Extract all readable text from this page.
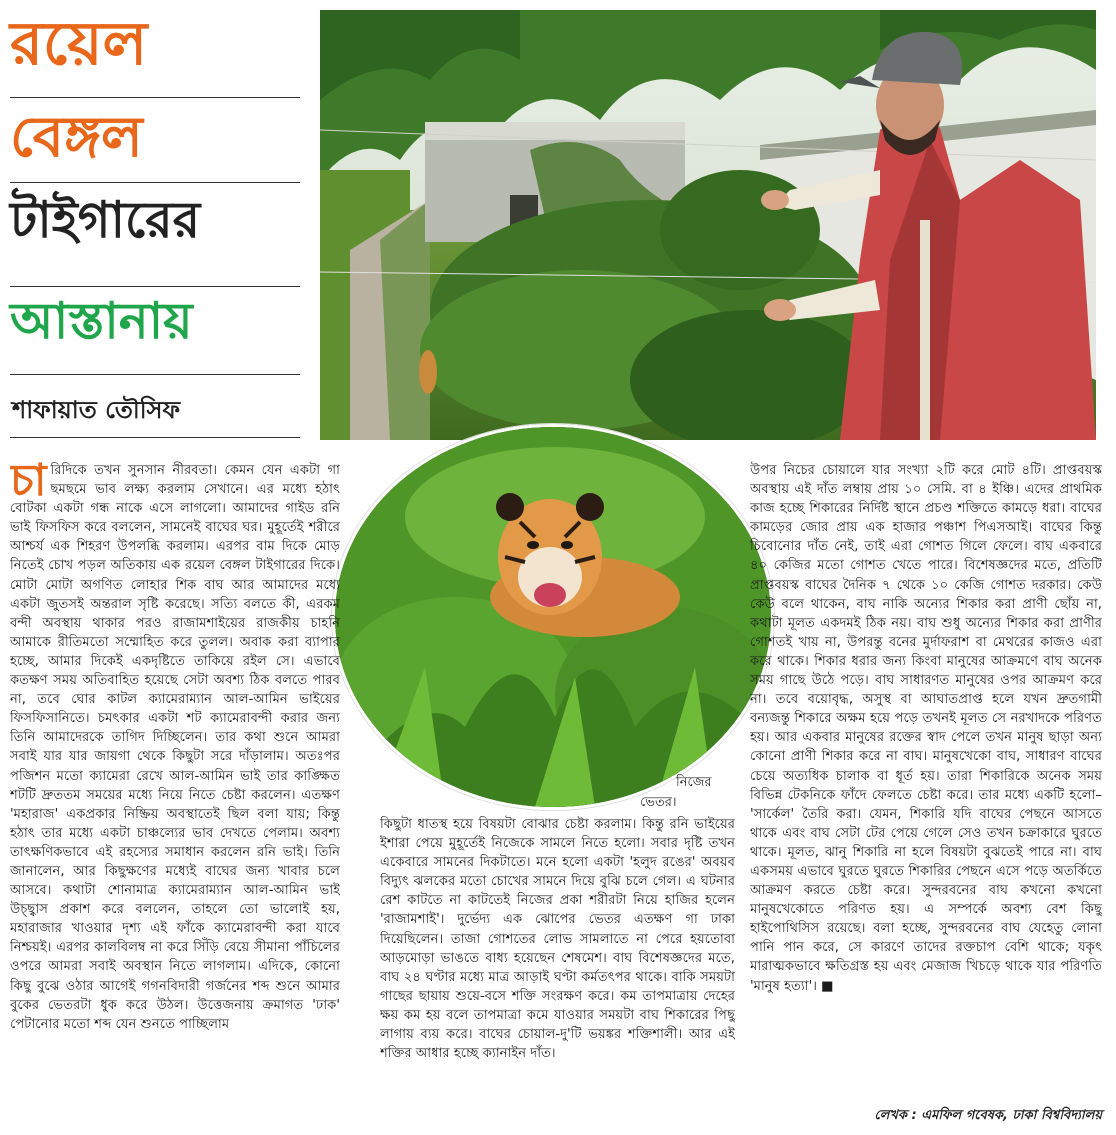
রয়েল
বেঙ্গল
টাইগারের
আস্তানায়
শাফায়াত তৌসিফ
নিজের
ভেতর।

চারিদিকে তখন সুনসান নীরবতা। কেমন যেন একটা গা ছমছমে ভাব লক্ষ্য করলাম সেখানে। এর মধ্যে হঠাৎ বোটকা একটা গন্ধ নাকে এসে লাগলো। আমাদের গাইড রনি ভাই ফিসফিস করে বললেন, সামনেই বাঘের ঘর। মুহূর্তেই শরীরে আশ্চর্য এক শিহরণ উপলব্ধি করলাম। এরপর বাম দিকে মোড় নিতেই চোখ পড়ল অতিকায় এক রয়েল বেঙ্গল টাইগারের দিকে। মোটা মোটা অগণিত লোহার শিক বাঘ আর আমাদের মধ্যে একটা জুতসই অন্তরাল সৃষ্টি করেছে। সত্যি বলতে কী, এরকম বন্দী অবস্থায় থাকার পরও রাজামশাইয়ের রাজকীয় চাহনি আমাকে রীতিমতো সম্মোহিত করে তুলল। অবাক করা ব্যাপার হচ্ছে, আমার দিকেই একদৃষ্টিতে তাকিয়ে রইল সে। এভাবে কতক্ষণ সময় অতিবাহিত হয়েছে সেটা অবশ্য ঠিক বলতে পারব না, তবে ঘোর কাটল ক্যামেরাম্যান আল-আমিন ভাইয়ের ফিসফিসানিতে। চমৎকার একটা শট ক্যামেরাবন্দী করার জন্য তিনি আমাদেরকে তাগিদ দিচ্ছিলেন। তার কথা শুনে আমরা সবাই যার যার জায়গা থেকে কিছুটা সরে দাঁড়ালাম। অতঃপর পজিশন মতো ক্যামেরা রেখে আল-আমিন ভাই তার কাঙ্ক্ষিত শটটি দ্রুততম সময়ের মধ্যে নিয়ে নিতে চেষ্টা করলেন। এতক্ষণ 'মহারাজ' একপ্রকার নিষ্ক্রিয় অবস্থাতেই ছিল বলা যায়; কিন্তু হঠাৎ তার মধ্যে একটা চাঞ্চল্যের ভাব দেখতে পেলাম। অবশ্য তাৎক্ষণিকভাবে এই রহস্যের সমাধান করলেন রনি ভাই। তিনি জানালেন, আর কিছুক্ষণের মধ্যেই বাঘের জন্য খাবার চলে আসবে। কথাটা শোনামাত্র ক্যামেরাম্যান আল-আমিন ভাই উচ্ছ্বাস প্রকাশ করে বললেন, তাহলে তো ভালোই হয়, মহারাজার খাওয়ার দৃশ্য এই ফাঁকে ক্যামেরাবন্দী করা যাবে নিশ্চয়ই। এরপর কালবিলম্ব না করে সিঁড়ি বেয়ে সীমানা পাঁচিলের ওপরে আমরা সবাই অবস্থান নিতে লাগলাম। এদিকে, কোনো কিছু বুঝে ওঠার আগেই গগনবিদারী গর্জনের শব্দ শুনে আমার বুকের ভেতরটা ধুক করে উঠল। উত্তেজনায় ক্রমাগত 'ঢাক' পেটানোর মতো শব্দ যেন শুনতে পাচ্ছিলাম

কিছুটা ধাতস্থ হয়ে বিষয়টা বোঝার চেষ্টা করলাম। কিন্তু রনি ভাইয়ের ইশারা পেয়ে মুহূর্তেই নিজেকে সামলে নিতে হলো। সবার দৃষ্টি তখন একেবারে সামনের দিকটাতে। মনে হলো একটা 'হলুদ রঙের' অবয়ব বিদ্যুৎ ঝলকের মতো চোখের সামনে দিয়ে বুঝি চলে গেল। এ ঘটনার রেশ কাটতে না কাটতেই নিজের প্রকা শরীরটা নিয়ে হাজির হলেন 'রাজামশাই'। দুর্ভেদ্য এক ঝোপের ভেতর এতক্ষণ গা ঢাকা দিয়েছিলেন। তাজা গোশতের লোভ সামলাতে না পেরে হয়তোবা আড়মোড়া ভাঙতে বাধ্য হয়েছেন শেষমেশ। বাঘ বিশেষজ্ঞদের মতে, বাঘ ২৪ ঘণ্টার মধ্যে মাত্র আড়াই ঘণ্টা কর্মতৎপর থাকে। বাকি সময়টা গাছের ছায়ায় শুয়ে-বসে শক্তি সংরক্ষণ করে। কম তাপমাত্রায় দেহের ক্ষয় কম হয় বলে তাপমাত্রা কমে যাওয়ার সময়টা বাঘ শিকারের পিছু লাগায় ব্যয় করে। বাঘের চোয়াল-দু'টি ভয়ঙ্কর শক্তিশালী। আর এই শক্তির আধার হচ্ছে ক্যানাইন দাঁত।

উপর নিচের চোয়ালে যার সংখ্যা ২টি করে মোট ৪টি। প্রাপ্তবয়স্ক অবস্থায় এই দাঁত লম্বায় প্রায় ১০ সেমি. বা ৪ ইঞ্চি। এদের প্রাথমিক কাজ হচ্ছে শিকারের নির্দিষ্ট স্থানে প্রচণ্ড শক্তিতে কামড়ে ধরা। বাঘের কামড়ের জোর প্রায় এক হাজার পঞ্চাশ পিএসআই। বাঘের কিন্তু চিবোনোর দাঁত নেই, তাই এরা গোশত গিলে ফেলে। বাঘ একবারে ৪০ কেজির মতো গোশত খেতে পারে। বিশেষজ্ঞদের মতে, প্রতিটি প্রাপ্তবয়স্ক বাঘের দৈনিক ৭ থেকে ১০ কেজি গোশত দরকার। কেউ কেউ বলে থাকেন, বাঘ নাকি অন্যের শিকার করা প্রাণী ছোঁয় না, কথাটা মূলত একদমই ঠিক নয়। বাঘ শুধু অন্যের শিকার করা প্রাণীর গোশতই খায় না, উপরন্তু বনের মুর্দাফরাশ বা মেথরের কাজও এরা করে থাকে। শিকার ধরার জন্য কিংবা মানুষের আক্রমণে বাঘ অনেক সময় গাছে উঠে পড়ে। বাঘ সাধারণত মানুষের ওপর আক্রমণ করে না। তবে বয়োবৃদ্ধ, অসুস্থ বা আঘাতপ্রাপ্ত হলে যখন দ্রুতগামী বন্যজন্তু শিকারে অক্ষম হয়ে পড়ে তখনই মূলত সে নরখাদকে পরিণত হয়। আর একবার মানুষের রক্তের স্বাদ পেলে তখন মানুষ ছাড়া অন্য কোনো প্রাণী শিকার করে না বাঘ। মানুষখেকো বাঘ, সাধারণ বাঘের চেয়ে অত্যধিক চালাক বা ধূর্ত হয়। তারা শিকারিকে অনেক সময় বিভিন্ন টেকনিকে ফাঁদে ফেলতে চেষ্টা করে। তার মধ্যে একটি হলো– 'সার্কেল' তৈরি করা। যেমন, শিকারি যদি বাঘের পেছনে আসতে থাকে এবং বাঘ সেটা টের পেয়ে গেলে সেও তখন চক্রাকারে ঘুরতে থাকে। মূলত, ঝানু শিকারি না হলে বিষয়টা বুঝতেই পারে না। বাঘ একসময় এভাবে ঘুরতে ঘুরতে শিকারির পেছনে এসে পড়ে অতর্কিতে আক্রমণ করতে চেষ্টা করে। সুন্দরবনের বাঘ কখনো কখনো মানুষখেকোতে পরিণত হয়। এ সম্পর্কে অবশ্য বেশ কিছু হাইপোথিসিস রয়েছে। বলা হচ্ছে, সুন্দরবনের বাঘ যেহেতু লোনা পানি পান করে, সে কারণে তাদের রক্তচাপ বেশি থাকে; যকৃৎ মারাত্মকভাবে ক্ষতিগ্রস্ত হয় এবং মেজাজ খিচড়ে থাকে যার পরিণতি 'মানুষ হত্যা'। ■

লেখক : এমফিল গবেষক, ঢাকা বিশ্ববিদ্যালয়
